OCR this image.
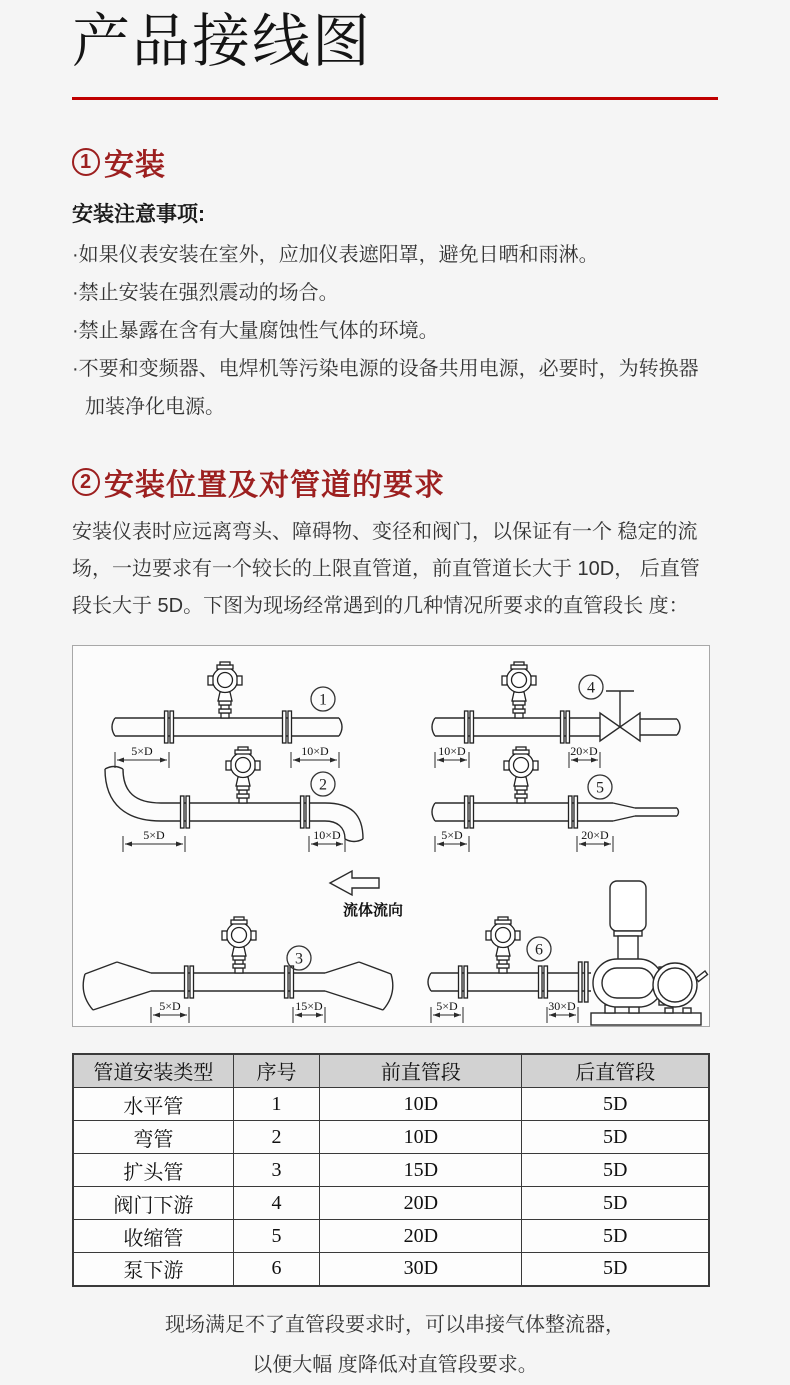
产品接线图
1 安装
安装注意事项:

·如果仪表安装在室外，应加仪表遮阳罩，避免日晒和雨淋。

·禁止安装在强烈震动的场合。

·禁止暴露在含有大量腐蚀性气体的环境。

·不要和变频器、电焊机等污染电源的设备共用电源，必要时，为转换器加装净化电源。

2 安装位置及对管道的要求

安装仪表时应远离弯头、障碍物、变径和阀门，以保证有一个 稳定的流场，一边要求有一个较长的上限直管道，前直管道长大于 10D， 后直管段长大于 5D。下图为现场经常遇到的几种情况所要求的直管段长 度：

1
5×D	10×D
4
10×D	20×D
2
5×D	10×D
5
5×D	20×D
流体流向
3
5×D	15×D
6
5×D	30×D
管道安装类型	序号	前直管段	后直管段
水平管	1	10D	5D
弯管	2	10D	5D
扩头管	3	15D	5D
阀门下游	4	20D	5D
收缩管	5	20D	5D
泵下游	6	30D	5D
现场满足不了直管段要求时，可以串接气体整流器，
以便大幅 度降低对直管段要求。
